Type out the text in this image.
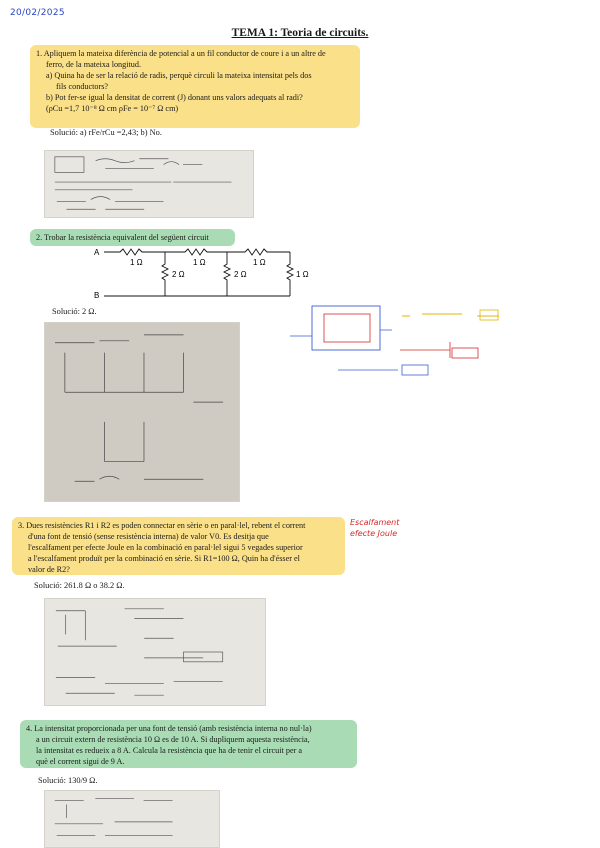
20/02/2025
TEMA 1: Teoria de circuits.

1. Apliquem la mateixa diferència de potencial a un fil conductor de coure i a un altre de

ferro, de la mateixa longitud.

a) Quina ha de ser la relació de radis, perquè circuli la mateixa intensitat pels dos

fils conductors?

b) Pot fer-se igual la densitat de corrent (J) donant uns valors adequats al radi?

(ρCu =1,7 10⁻⁸ Ω cm ρFe = 10⁻⁷ Ω cm)

Solució: a) rFe/rCu =2,43; b) No.

2. Trobar la resistència equivalent del següent circuit

A
B
1 Ω	1 Ω	1 Ω
2 Ω	2 Ω	1 Ω
Solució: 2 Ω.

3. Dues resistències R1 i R2 es poden connectar en sèrie o en paral·lel, rebent el corrent

d'una font de tensió (sense resistència interna) de valor V0. Es desitja que

l'escalfament per efecte Joule en la combinació en paral·lel sigui 5 vegades superior

a l'escalfament produït per la combinació en sèrie. Si R1=100 Ω, Quin ha d'ésser el

valor de R2?

Escalfament
efecte Joule
Solució: 261.8 Ω o 38.2 Ω.

4. La intensitat proporcionada per una font de tensió (amb resistència interna no nul·la)

a un circuit extern de resistència 10 Ω es de 10 A. Si dupliquem aquesta resistència,

la intensitat es redueix a 8 A. Calcula la resistència que ha de tenir el circuit per a

què el corrent sigui de 9 A.

Solució: 130/9 Ω.
